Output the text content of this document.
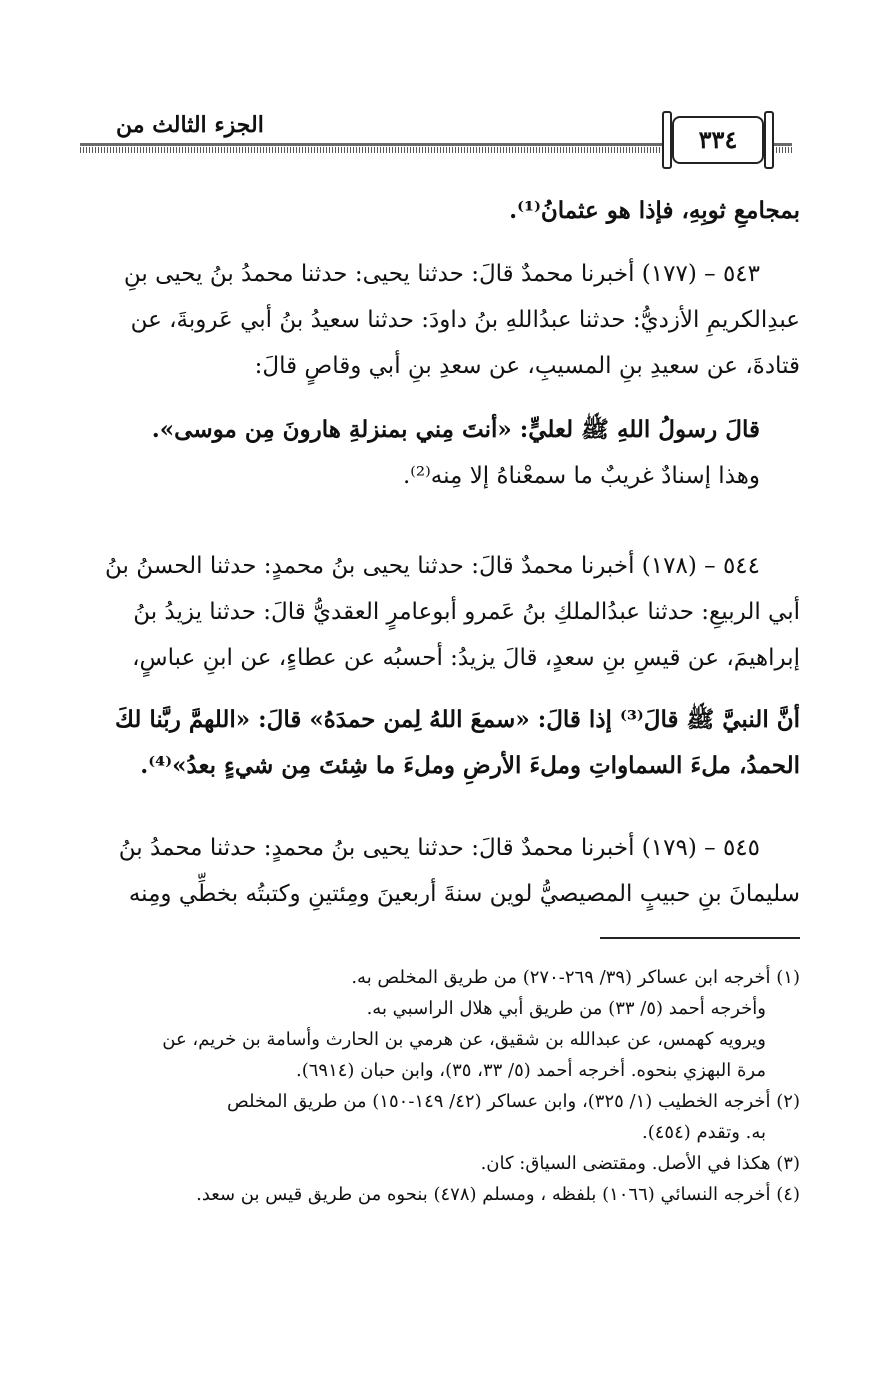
الجزء الثالث من	٣٣٤
بمجامعِ ثوبِهِ، فإذا هو عثمانُ⁽¹⁾.
٥٤٣ – (١٧٧) أخبرنا محمدٌ قالَ: حدثنا يحيى: حدثنا محمدُ بنُ يحيى بنِ
عبدِالكريمِ الأزديُّ: حدثنا عبدُاللهِ بنُ داودَ: حدثنا سعيدُ بنُ أبي عَروبةَ، عن
قتادةَ، عن سعيدِ بنِ المسيبِ، عن سعدِ بنِ أبي وقاصٍ قالَ:
قالَ رسولُ اللهِ ﷺ لعليٍّ: «أنتَ مِني بمنزلةِ هارونَ مِن موسى».
وهذا إسنادٌ غريبٌ ما سمعْناهُ إلا مِنه⁽²⁾.
٥٤٤ – (١٧٨) أخبرنا محمدٌ قالَ: حدثنا يحيى بنُ محمدٍ: حدثنا الحسنُ بنُ
أبي الربيعِ: حدثنا عبدُالملكِ بنُ عَمرو أبوعامرٍ العقديُّ قالَ: حدثنا يزيدُ بنُ
إبراهيمَ، عن قيسِ بنِ سعدٍ، قالَ يزيدُ: أحسبُه عن عطاءٍ، عن ابنِ عباسٍ،
أنَّ النبيَّ ﷺ قالَ⁽³⁾ إذا قالَ: «سمعَ اللهُ لِمن حمدَهُ» قالَ: «اللهمَّ ربَّنا لكَ
الحمدُ، ملءَ السماواتِ وملءَ الأرضِ وملءَ ما شِئتَ مِن شيءٍ بعدُ»⁽⁴⁾.
٥٤٥ – (١٧٩) أخبرنا محمدٌ قالَ: حدثنا يحيى بنُ محمدٍ: حدثنا محمدُ بنُ
سليمانَ بنِ حبيبٍ المصيصيُّ لوين سنةَ أربعينَ ومِئتينِ وكتبتُه بخطِّي ومِنه
(١) أخرجه ابن عساكر (٣٩/ ٢٦٩-٢٧٠) من طريق المخلص به.
وأخرجه أحمد (٥/ ٣٣) من طريق أبي هلال الراسبي به.
ويرويه كهمس، عن عبدالله بن شقيق، عن هرمي بن الحارث وأسامة بن خريم، عن
مرة البهزي بنحوه. أخرجه أحمد (٥/ ٣٣، ٣٥)، وابن حبان (٦٩١٤).
(٢) أخرجه الخطيب (١/ ٣٢٥)، وابن عساكر (٤٢/ ١٤٩-١٥٠) من طريق المخلص
به. وتقدم (٤٥٤).
(٣) هكذا في الأصل. ومقتضى السياق: كان.
(٤) أخرجه النسائي (١٠٦٦) بلفظه ، ومسلم (٤٧٨) بنحوه من طريق قيس بن سعد.
